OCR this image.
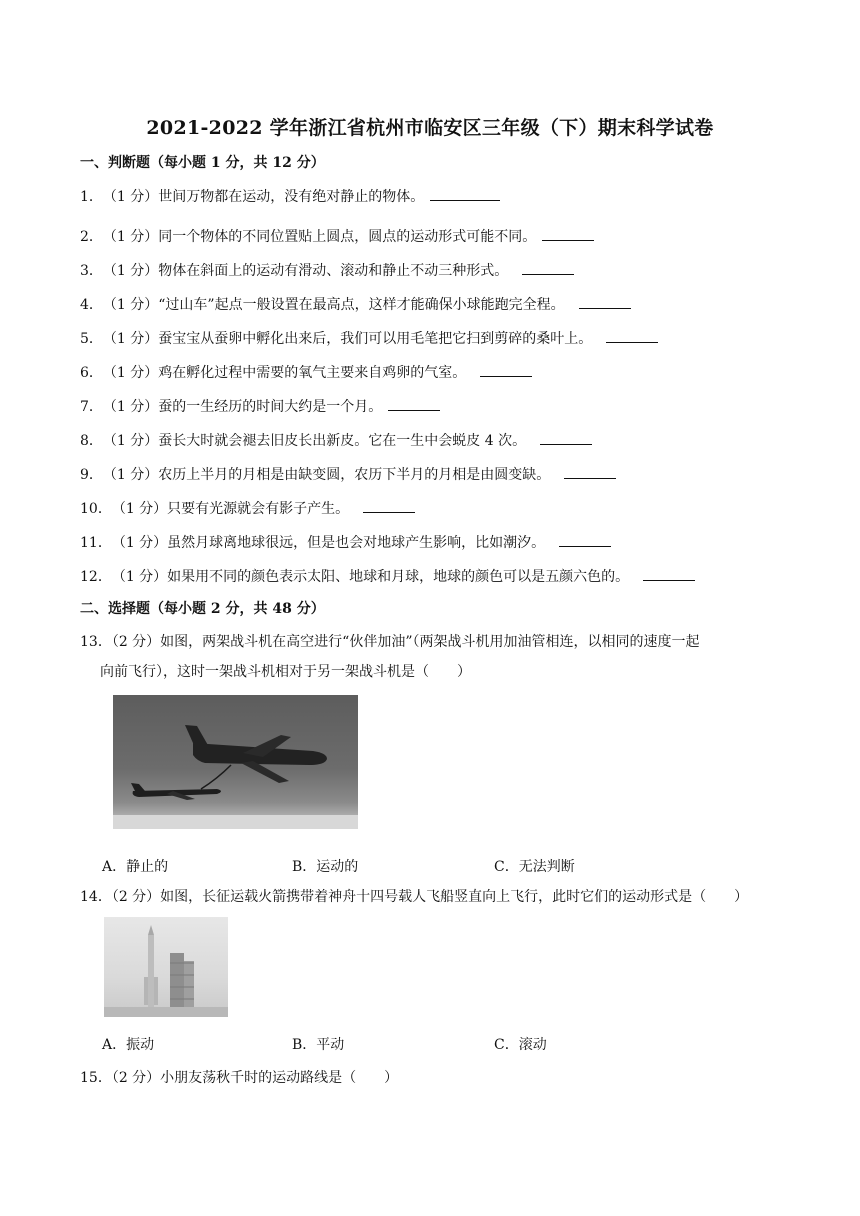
2021-2022 学年浙江省杭州市临安区三年级（下）期末科学试卷
一、判断题（每小题 1 分，共 12 分）
1．（1 分）世间万物都在运动，没有绝对静止的物体。
2．（1 分）同一个物体的不同位置贴上圆点，圆点的运动形式可能不同。
3．（1 分）物体在斜面上的运动有滑动、滚动和静止不动三种形式。
4．（1 分）“过山车”起点一般设置在最高点，这样才能确保小球能跑完全程。
5．（1 分）蚕宝宝从蚕卵中孵化出来后，我们可以用毛笔把它扫到剪碎的桑叶上。
6．（1 分）鸡在孵化过程中需要的氧气主要来自鸡卵的气室。
7．（1 分）蚕的一生经历的时间大约是一个月。
8．（1 分）蚕长大时就会褪去旧皮长出新皮。它在一生中会蜕皮 4 次。
9．（1 分）农历上半月的月相是由缺变圆，农历下半月的月相是由圆变缺。
10．（1 分）只要有光源就会有影子产生。
11．（1 分）虽然月球离地球很远，但是也会对地球产生影响，比如潮汐。
12．（1 分）如果用不同的颜色表示太阳、地球和月球，地球的颜色可以是五颜六色的。
二、选择题（每小题 2 分，共 48 分）
13．（2 分）如图，两架战斗机在高空进行“伙伴加油”（两架战斗机用加油管相连，以相同的速度一起
向前飞行），这时一架战斗机相对于另一架战斗机是（　　）
A．静止的	B．运动的	C．无法判断
14．（2 分）如图，长征运载火箭携带着神舟十四号载人飞船竖直向上飞行，此时它们的运动形式是（　　）
A．振动	B．平动	C．滚动
15．（2 分）小朋友荡秋千时的运动路线是（　　）
